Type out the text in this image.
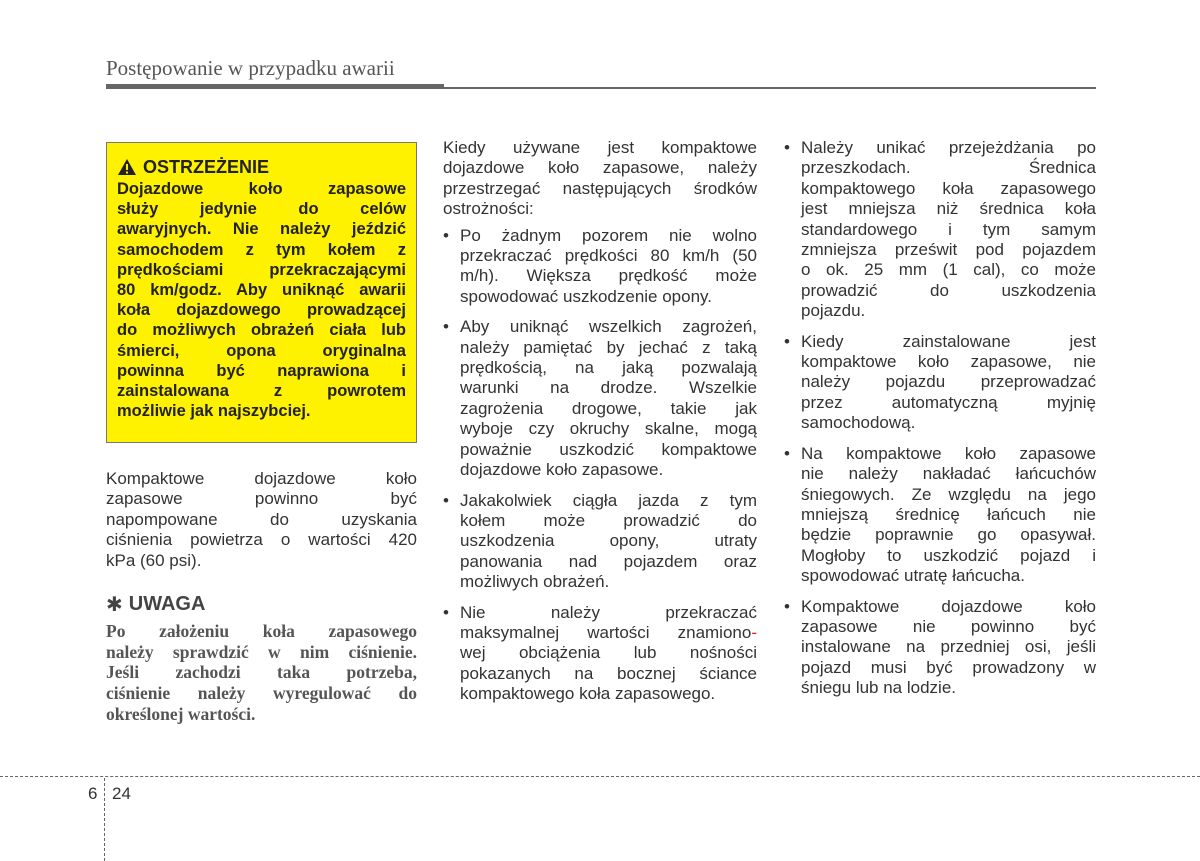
Postępowanie w przypadku awarii
OSTRZEŻENIE
Dojazdowe koło zapasowe
służy jedynie do celów
awaryjnych. Nie należy jeździć
samochodem z tym kołem z
prędkościami przekraczającymi
80 km/godz. Aby uniknąć awarii
koła dojazdowego prowadzącej
do możliwych obrażeń ciała lub
śmierci, opona oryginalna
powinna być naprawiona i
zainstalowana z powrotem
możliwie jak najszybciej.
Kompaktowe dojazdowe koło
zapasowe powinno być
napompowane do uzyskania
ciśnienia powietrza o wartości 420
kPa (60 psi).
✱ UWAGA
Po założeniu koła zapasowego
należy sprawdzić w nim ciśnienie.
Jeśli zachodzi taka potrzeba,
ciśnienie należy wyregulować do
określonej wartości.
Kiedy używane jest kompaktowe
dojazdowe koło zapasowe, należy
przestrzegać następujących środków
ostrożności:
• Po żadnym pozorem nie wolno
przekraczać prędkości 80 km/h (50
m/h). Większa prędkość może
spowodować uszkodzenie opony.
• Aby uniknąć wszelkich zagrożeń,
należy pamiętać by jechać z taką
prędkością, na jaką pozwalają
warunki na drodze. Wszelkie
zagrożenia drogowe, takie jak
wyboje czy okruchy skalne, mogą
poważnie uszkodzić kompaktowe
dojazdowe koło zapasowe.
• Jakakolwiek ciągła jazda z tym
kołem może prowadzić do
uszkodzenia opony, utraty
panowania nad pojazdem oraz
możliwych obrażeń.
• Nie należy przekraczać
maksymalnej wartości znamiono-
wej obciążenia lub nośności
pokazanych na bocznej ściance
kompaktowego koła zapasowego.
• Należy unikać przejeżdżania po
przeszkodach. Średnica
kompaktowego koła zapasowego
jest mniejsza niż średnica koła
standardowego i tym samym
zmniejsza prześwit pod pojazdem
o ok. 25 mm (1 cal), co może
prowadzić do uszkodzenia
pojazdu.
• Kiedy zainstalowane jest
kompaktowe koło zapasowe, nie
należy pojazdu przeprowadzać
przez automatyczną myjnię
samochodową.
• Na kompaktowe koło zapasowe
nie należy nakładać łańcuchów
śniegowych. Ze względu na jego
mniejszą średnicę łańcuch nie
będzie poprawnie go opasywał.
Mogłoby to uszkodzić pojazd i
spowodować utratę łańcucha.
• Kompaktowe dojazdowe koło
zapasowe nie powinno być
instalowane na przedniej osi, jeśli
pojazd musi być prowadzony w
śniegu lub na lodzie.
6 24
